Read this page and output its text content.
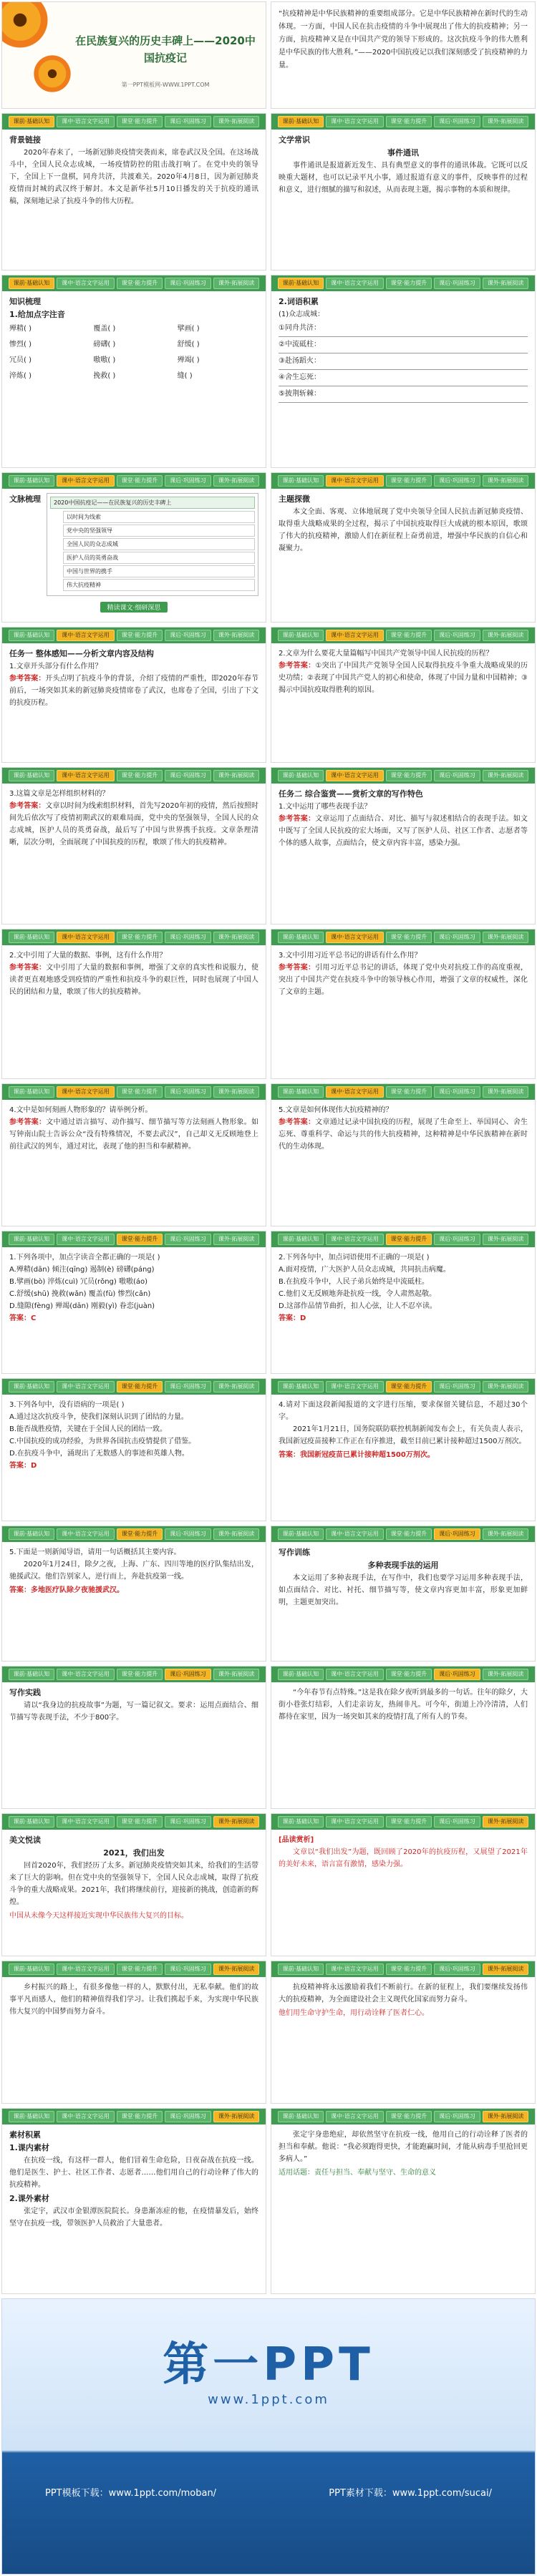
在民族复兴的历史丰碑上——2020中国抗疫记
第一PPT模板网-WWW.1PPT.COM
“抗疫精神是中华民族精神的重要组成部分。它是中华民族精神在新时代的生动体现。一方面，中国人民在抗击疫情的斗争中展现出了伟大的抗疫精神；另一方面，抗疫精神又是在中国共产党的领导下形成的。这次抗疫斗争的伟大胜利是中华民族的伟大胜利。”——2020中国抗疫记以我们深刻感受了抗疫精神的力量。
课前·基础认知	课中·语言文字运用	课堂·能力提升	课后·巩固练习	课外·拓展阅读
背景链接

2020年春来了，一场新冠肺炎疫情突袭而来，席卷武汉及全国。在这场战斗中，全国人民众志成城，一场疫情防控的阻击战打响了。在党中央的领导下，全国上下一盘棋，同舟共济，共渡难关。2020年4月8日，因为新冠肺炎疫情而封城的武汉终于解封。本文是新华社5月10日播发的关于抗疫的通讯稿，深刻地记录了抗疫斗争的伟大历程。

课前·基础认知	课中·语言文字运用	课堂·能力提升	课后·巩固练习	课外·拓展阅读
文学常识
事件通讯

事件通讯是报道新近发生、具有典型意义的事件的通讯体裁。它既可以反映重大题材，也可以记录平凡小事，通过报道有意义的事件，反映事件的过程和意义，进行细腻的描写和叙述，从而表现主题，揭示事物的本质和规律。

课前·基础认知	课中·语言文字运用	课堂·能力提升	课后·巩固练习	课外·拓展阅读
知识梳理
1.给加点字注音
殚精( )	覆盖( )	擘画( )
惨烈( )	磅礴( )	舒缓( )
冗员( )	嗷嗷( )	殚竭( )
淬炼( )	挽救( )	缝( )
课前·基础认知	课中·语言文字运用	课堂·能力提升	课后·巩固练习	课外·拓展阅读
2.词语积累
(1)众志成城：
①同舟共济：
②中流砥柱：
③赴汤蹈火：
④舍生忘死：
⑤披荆斩棘：
课前·基础认知	课中·语言文字运用	课堂·能力提升	课后·巩固练习	课外·拓展阅读
文脉梳理	2020中国抗疫记——在民族复兴的历史丰碑上
以时间为线索
党中央的坚强领导
全国人民的众志成城
医护人员的英勇奋战
中国与世界的携手
伟大抗疫精神
精读课文·细研深思
课前·基础认知	课中·语言文字运用	课堂·能力提升	课后·巩固练习	课外·拓展阅读
主题探微

本文全面、客观、立体地展现了党中央领导全国人民抗击新冠肺炎疫情、取得重大战略成果的全过程，揭示了中国抗疫取得巨大成就的根本原因，歌颂了伟大的抗疫精神，激励人们在新征程上奋勇前进，增强中华民族的自信心和凝聚力。

课前·基础认知	课中·语言文字运用	课堂·能力提升	课后·巩固练习	课外·拓展阅读
任务一 整体感知——分析文章内容及结构
1.文章开头部分有什么作用？
参考答案：开头点明了抗疫斗争的背景，介绍了疫情的严重性，即2020年春节前后，一场突如其来的新冠肺炎疫情席卷了武汉，也席卷了全国，引出了下文的抗疫历程。
课前·基础认知	课中·语言文字运用	课堂·能力提升	课后·巩固练习	课外·拓展阅读
2.文章为什么要花大量篇幅写中国共产党领导中国人民抗疫的历程？
参考答案：①突出了中国共产党领导全国人民取得抗疫斗争重大战略成果的历史功绩；②表现了中国共产党人的初心和使命，体现了中国力量和中国精神；③揭示中国抗疫取得胜利的原因。
课前·基础认知	课中·语言文字运用	课堂·能力提升	课后·巩固练习	课外·拓展阅读
3.这篇文章是怎样组织材料的？
参考答案：文章以时间为线索组织材料，首先写2020年初的疫情，然后按照时间先后依次写了疫情初期武汉的艰难局面，党中央的坚强领导，全国人民的众志成城，医护人员的英勇奋战，最后写了中国与世界携手抗疫。文章条理清晰，层次分明，全面展现了中国抗疫的历程，歌颂了伟大的抗疫精神。
课前·基础认知	课中·语言文字运用	课堂·能力提升	课后·巩固练习	课外·拓展阅读
任务二 综合鉴赏——赏析文章的写作特色
1.文中运用了哪些表现手法？
参考答案：文章运用了点面结合、对比、描写与叙述相结合的表现手法。如文中既写了全国人民抗疫的宏大场面，又写了医护人员、社区工作者、志愿者等个体的感人故事，点面结合，使文章内容丰富，感染力强。
课前·基础认知	课中·语言文字运用	课堂·能力提升	课后·巩固练习	课外·拓展阅读
2.文中引用了大量的数据、事例，这有什么作用？
参考答案：文中引用了大量的数据和事例，增强了文章的真实性和说服力，使读者更直观地感受到疫情的严重性和抗疫斗争的艰巨性，同时也展现了中国人民的团结和力量，歌颂了伟大的抗疫精神。
课前·基础认知	课中·语言文字运用	课堂·能力提升	课后·巩固练习	课外·拓展阅读
3.文中引用习近平总书记的讲话有什么作用？
参考答案：引用习近平总书记的讲话，体现了党中央对抗疫工作的高度重视，突出了中国共产党在抗疫斗争中的领导核心作用，增强了文章的权威性，深化了文章的主题。
课前·基础认知	课中·语言文字运用	课堂·能力提升	课后·巩固练习	课外·拓展阅读
4.文中是如何刻画人物形象的？请举例分析。
参考答案：文中通过语言描写、动作描写、细节描写等方法刻画人物形象。如写钟南山院士告诉公众“没有特殊情况，不要去武汉”，自己却义无反顾地登上前往武汉的列车，通过对比，表现了他的担当和奉献精神。
课前·基础认知	课中·语言文字运用	课堂·能力提升	课后·巩固练习	课外·拓展阅读
5.文章是如何体现伟大抗疫精神的？
参考答案：文章通过记录中国抗疫的历程，展现了生命至上、举国同心、舍生忘死、尊重科学、命运与共的伟大抗疫精神，这种精神是中华民族精神在新时代的生动体现。
课前·基础认知	课中·语言文字运用	课堂·能力提升	课后·巩固练习	课外·拓展阅读
1.下列各项中，加点字读音全都正确的一项是( )
A.殚精(dān) 倾注(qīng) 遏制(è) 磅礴(páng)
B.擘画(bò) 淬炼(cuì) 冗员(rǒng) 嗷嗷(áo)
C.舒缓(shū) 挽救(wǎn) 覆盖(fù) 惨烈(cǎn)
D.缝隙(fèng) 殚竭(dān) 刚毅(yì) 眷恋(juàn)
答案：C
课前·基础认知	课中·语言文字运用	课堂·能力提升	课后·巩固练习	课外·拓展阅读
2.下列各句中，加点词语使用不正确的一项是( )
A.面对疫情，广大医护人员众志成城，共同抗击病魔。
B.在抗疫斗争中，人民子弟兵始终是中流砥柱。
C.他们义无反顾地奔赴抗疫一线，令人肃然起敬。
D.这部作品情节曲折，扣人心弦，让人不忍卒读。
答案：D
课前·基础认知	课中·语言文字运用	课堂·能力提升	课后·巩固练习	课外·拓展阅读
3.下列各句中，没有语病的一项是( )
A.通过这次抗疫斗争，使我们深刻认识到了团结的力量。
B.能否战胜疫情，关键在于全国人民的团结一致。
C.中国抗疫的成功经验，为世界各国抗击疫情提供了借鉴。
D.在抗疫斗争中，涌现出了无数感人的事迹和英雄人物。
答案：D
课前·基础认知	课中·语言文字运用	课堂·能力提升	课后·巩固练习	课外·拓展阅读
4.请对下面这段新闻报道的文字进行压缩，要求保留关键信息，不超过30个字。

2021年1月21日，国务院联防联控机制新闻发布会上，有关负责人表示，我国新冠疫苗接种工作正在有序推进，截至目前已累计接种超过1500万剂次。

答案：我国新冠疫苗已累计接种超1500万剂次。
课前·基础认知	课中·语言文字运用	课堂·能力提升	课后·巩固练习	课外·拓展阅读
5.下面是一则新闻导语，请用一句话概括其主要内容。

2020年1月24日，除夕之夜，上海、广东、四川等地的医疗队集结出发，驰援武汉。他们告别家人，逆行而上，奔赴抗疫第一线。

答案：多地医疗队除夕夜驰援武汉。
课前·基础认知	课中·语言文字运用	课堂·能力提升	课后·巩固练习	课外·拓展阅读
写作训练
多种表现手法的运用

本文运用了多种表现手法，在写作中，我们也要学习运用多种表现手法，如点面结合、对比、衬托、细节描写等，使文章内容更加丰富，形象更加鲜明，主题更加突出。

课前·基础认知	课中·语言文字运用	课堂·能力提升	课后·巩固练习	课外·拓展阅读
写作实践

请以“我身边的抗疫故事”为题，写一篇记叙文。要求：运用点面结合、细节描写等表现手法，不少于800字。

课前·基础认知	课中·语言文字运用	课堂·能力提升	课后·巩固练习	课外·拓展阅读

“今年春节有点特殊。”这是我在除夕夜听到最多的一句话。往年的除夕，大街小巷张灯结彩，人们走亲访友，热闹非凡。可今年，街道上冷冷清清，人们都待在家里，因为一场突如其来的疫情打乱了所有人的节奏。

课前·基础认知	课中·语言文字运用	课堂·能力提升	课后·巩固练习	课外·拓展阅读
美文悦读
2021，我们出发

回首2020年，我们经历了太多。新冠肺炎疫情突如其来，给我们的生活带来了巨大的影响。但在党中央的坚强领导下，全国人民众志成城，取得了抗疫斗争的重大战略成果。2021年，我们将继续前行，迎接新的挑战，创造新的辉煌。

中国从未像今天这样接近实现中华民族伟大复兴的目标。
课前·基础认知	课中·语言文字运用	课堂·能力提升	课后·巩固练习	课外·拓展阅读
[品读赏析]

文章以“我们出发”为题，既回顾了2020年的抗疫历程，又展望了2021年的美好未来，语言富有激情，感染力强。

课前·基础认知	课中·语言文字运用	课堂·能力提升	课后·巩固练习	课外·拓展阅读

乡村振兴的路上，有很多像他一样的人，默默付出，无私奉献。他们的故事平凡而感人，他们的精神值得我们学习。让我们携起手来，为实现中华民族伟大复兴的中国梦而努力奋斗。

课前·基础认知	课中·语言文字运用	课堂·能力提升	课后·巩固练习	课外·拓展阅读

抗疫精神将永远激励着我们不断前行。在新的征程上，我们要继续发扬伟大的抗疫精神，为全面建设社会主义现代化国家而努力奋斗。

他们用生命守护生命，用行动诠释了医者仁心。
课前·基础认知	课中·语言文字运用	课堂·能力提升	课后·巩固练习	课外·拓展阅读
素材积累
1.课内素材

在抗疫一线，有这样一群人，他们冒着生命危险，日夜奋战在抗疫一线。他们是医生、护士、社区工作者、志愿者……他们用自己的行动诠释了伟大的抗疫精神。

2.课外素材

张定宇，武汉市金银潭医院院长。身患渐冻症的他，在疫情暴发后，始终坚守在抗疫一线，带领医护人员救治了大量患者。

课前·基础认知	课中·语言文字运用	课堂·能力提升	课后·巩固练习	课外·拓展阅读

张定宇身患绝症，却依然坚守在抗疫一线，他用自己的行动诠释了医者的担当和奉献。他说：“我必须跑得更快，才能跑赢时间，才能从病毒手里抢回更多病人。”

适用话题：责任与担当、奉献与坚守、生命的意义
第一PPT
www.1ppt.com
PPT模板下载：www.1ppt.com/moban/	PPT素材下载：www.1ppt.com/sucai/
